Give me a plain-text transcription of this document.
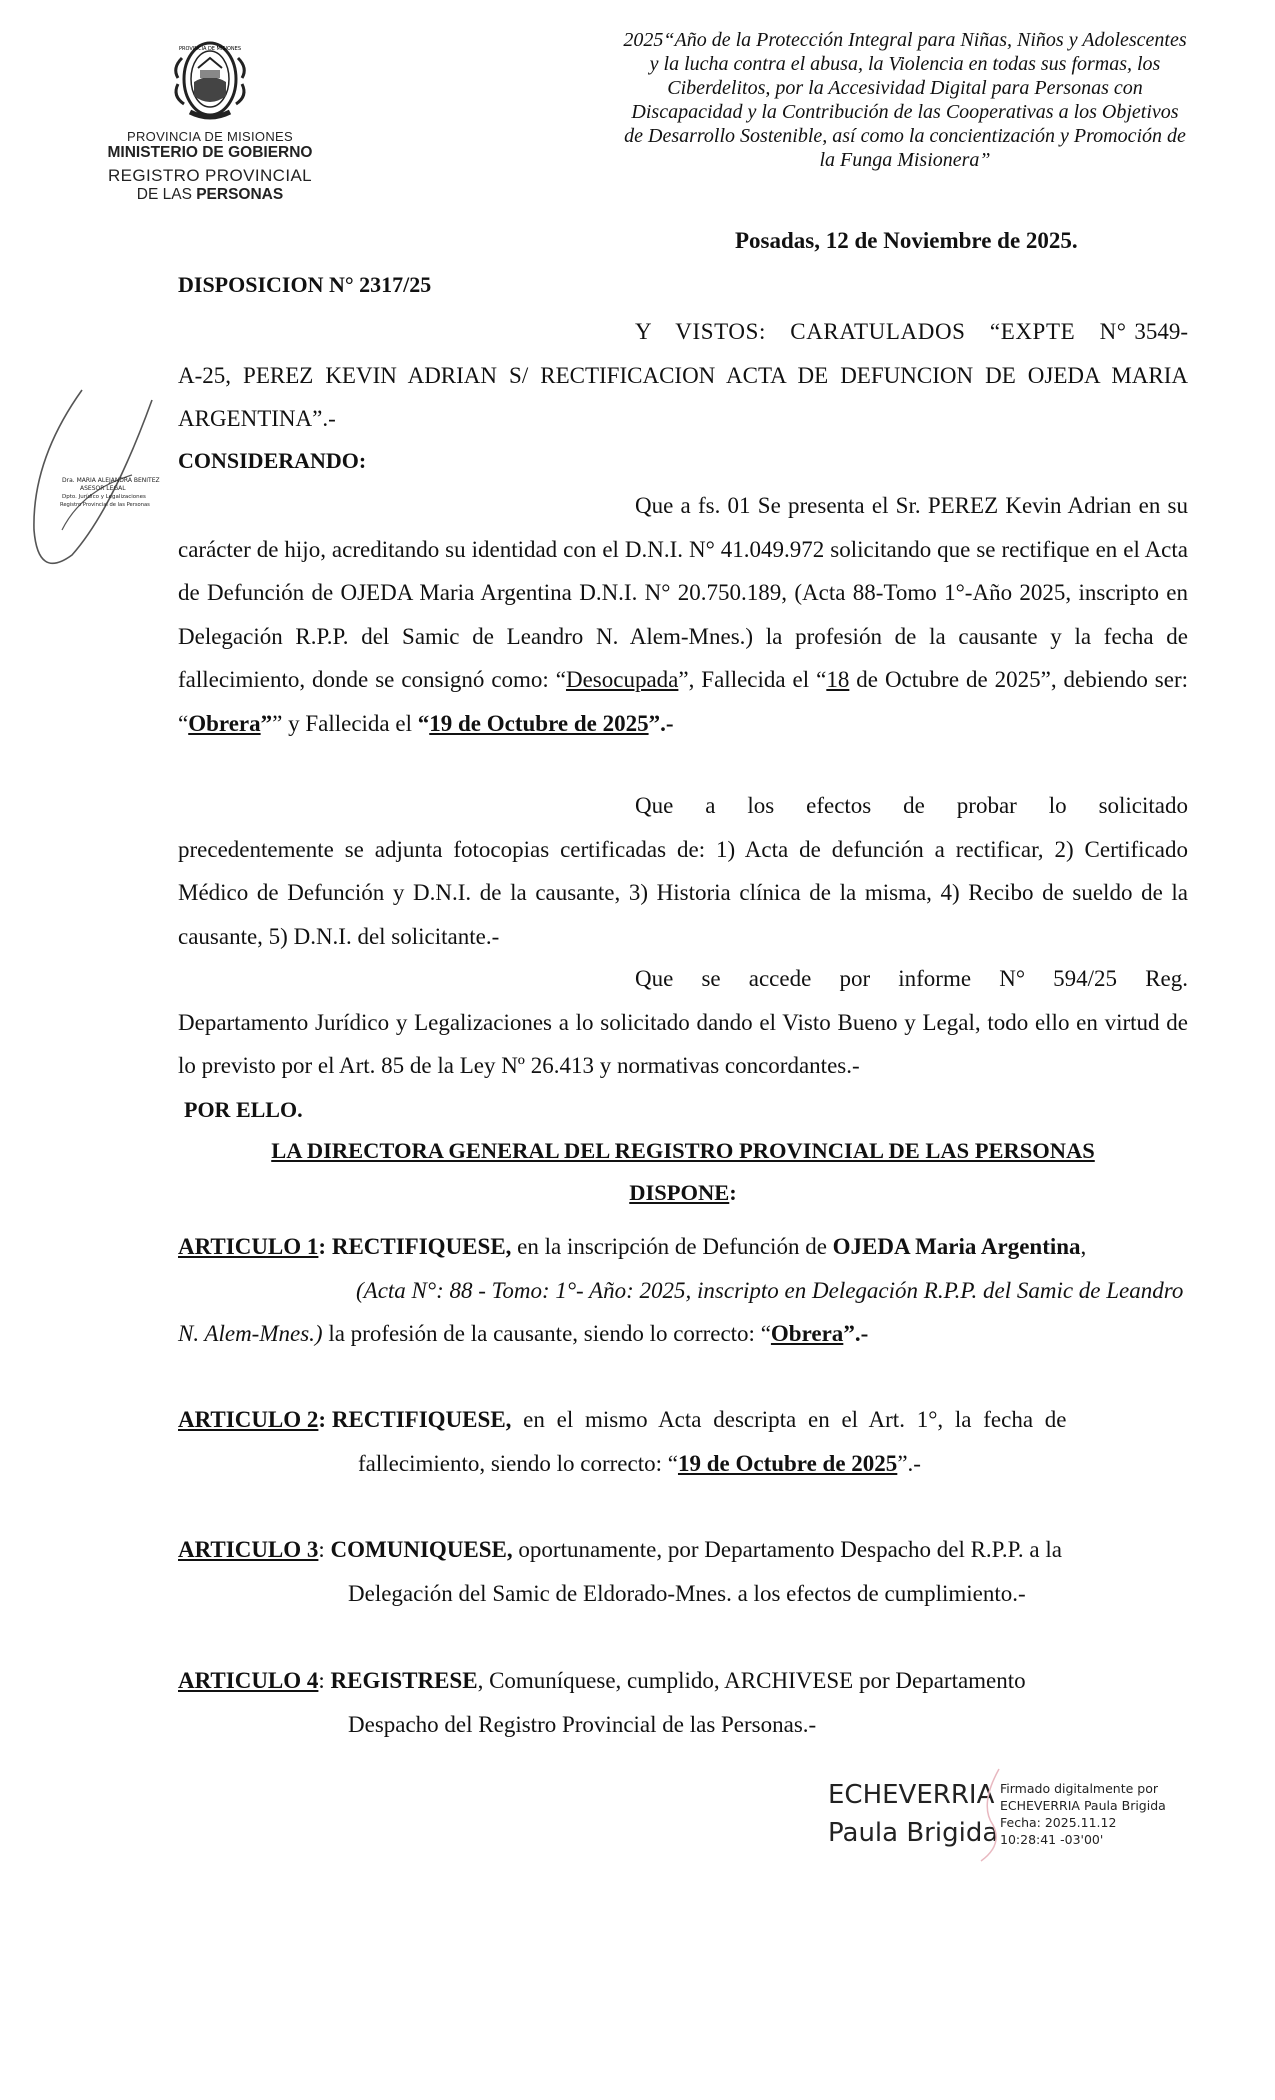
PROVINCIA DE MISIONES
PROVINCIA DE MISIONES
MINISTERIO DE GOBIERNO
REGISTRO PROVINCIAL
DE LAS PERSONAS
2025“Año de la Protección Integral para Niñas, Niños y Adolescentes y la lucha contra el abusa, la Violencia en todas sus formas, los Ciberdelitos, por la Accesividad Digital para Personas con Discapacidad y la Contribución de las Cooperativas a los Objetivos de Desarrollo Sostenible, así como la concientización y Promoción de la Funga Misionera”
Posadas, 12 de Noviembre de 2025.
DISPOSICION N° 2317/25
Dra. MARIA ALEJANDRA BENITEZ
ASESOR LEGAL
Dpto. Jurídico y Legalizaciones
Registro Provincial de las Personas
Y VISTOS: CARATULADOS “EXPTE N° 3549-A-25, PEREZ KEVIN ADRIAN S/ RECTIFICACION ACTA DE DEFUNCION DE OJEDA MARIA ARGENTINA”.-
CONSIDERANDO:
Que a fs. 01 Se presenta el Sr. PEREZ Kevin Adrian en su carácter de hijo, acreditando su identidad con el D.N.I. N° 41.049.972 solicitando que se rectifique en el Acta de Defunción de OJEDA Maria Argentina D.N.I. N° 20.750.189, (Acta 88-Tomo 1°-Año 2025, inscripto en Delegación R.P.P. del Samic de Leandro N. Alem-Mnes.) la profesión de la causante y la fecha de fallecimiento, donde se consignó como: “Desocupada”, Fallecida el “18 de Octubre de 2025”, debiendo ser: “Obrera”” y Fallecida el “19 de Octubre de 2025”.-
Que a los efectos de probar lo solicitado precedentemente se adjunta fotocopias certificadas de: 1) Acta de defunción a rectificar, 2) Certificado Médico de Defunción y D.N.I. de la causante, 3) Historia clínica de la misma, 4) Recibo de sueldo de la causante, 5) D.N.I. del solicitante.-
Que se accede por informe N° 594/25 Reg. Departamento Jurídico y Legalizaciones a lo solicitado dando el Visto Bueno y Legal, todo ello en virtud de lo previsto por el Art. 85 de la Ley Nº 26.413 y normativas concordantes.-
POR ELLO.
LA DIRECTORA GENERAL DEL REGISTRO PROVINCIAL DE LAS PERSONAS
DISPONE:
ARTICULO 1: RECTIFIQUESE, en la inscripción de Defunción de OJEDA Maria Argentina,
(Acta N°: 88 - Tomo: 1°- Año: 2025, inscripto en Delegación R.P.P. del Samic de Leandro N. Alem-Mnes.) la profesión de la causante, siendo lo correcto: “Obrera”.-
ARTICULO 2: RECTIFIQUESE, en el mismo Acta descripta en el Art. 1°, la fecha de
fallecimiento, siendo lo correcto: “19 de Octubre de 2025”.-
ARTICULO 3: COMUNIQUESE, oportunamente, por Departamento Despacho del R.P.P. a la
Delegación del Samic de Eldorado-Mnes. a los efectos de cumplimiento.-
ARTICULO 4: REGISTRESE, Comuníquese, cumplido, ARCHIVESE por Departamento
Despacho del Registro Provincial de las Personas.-
ECHEVERRIA
Paula Brigida
Firmado digitalmente por
ECHEVERRIA Paula Brigida
Fecha: 2025.11.12
10:28:41 -03'00'
